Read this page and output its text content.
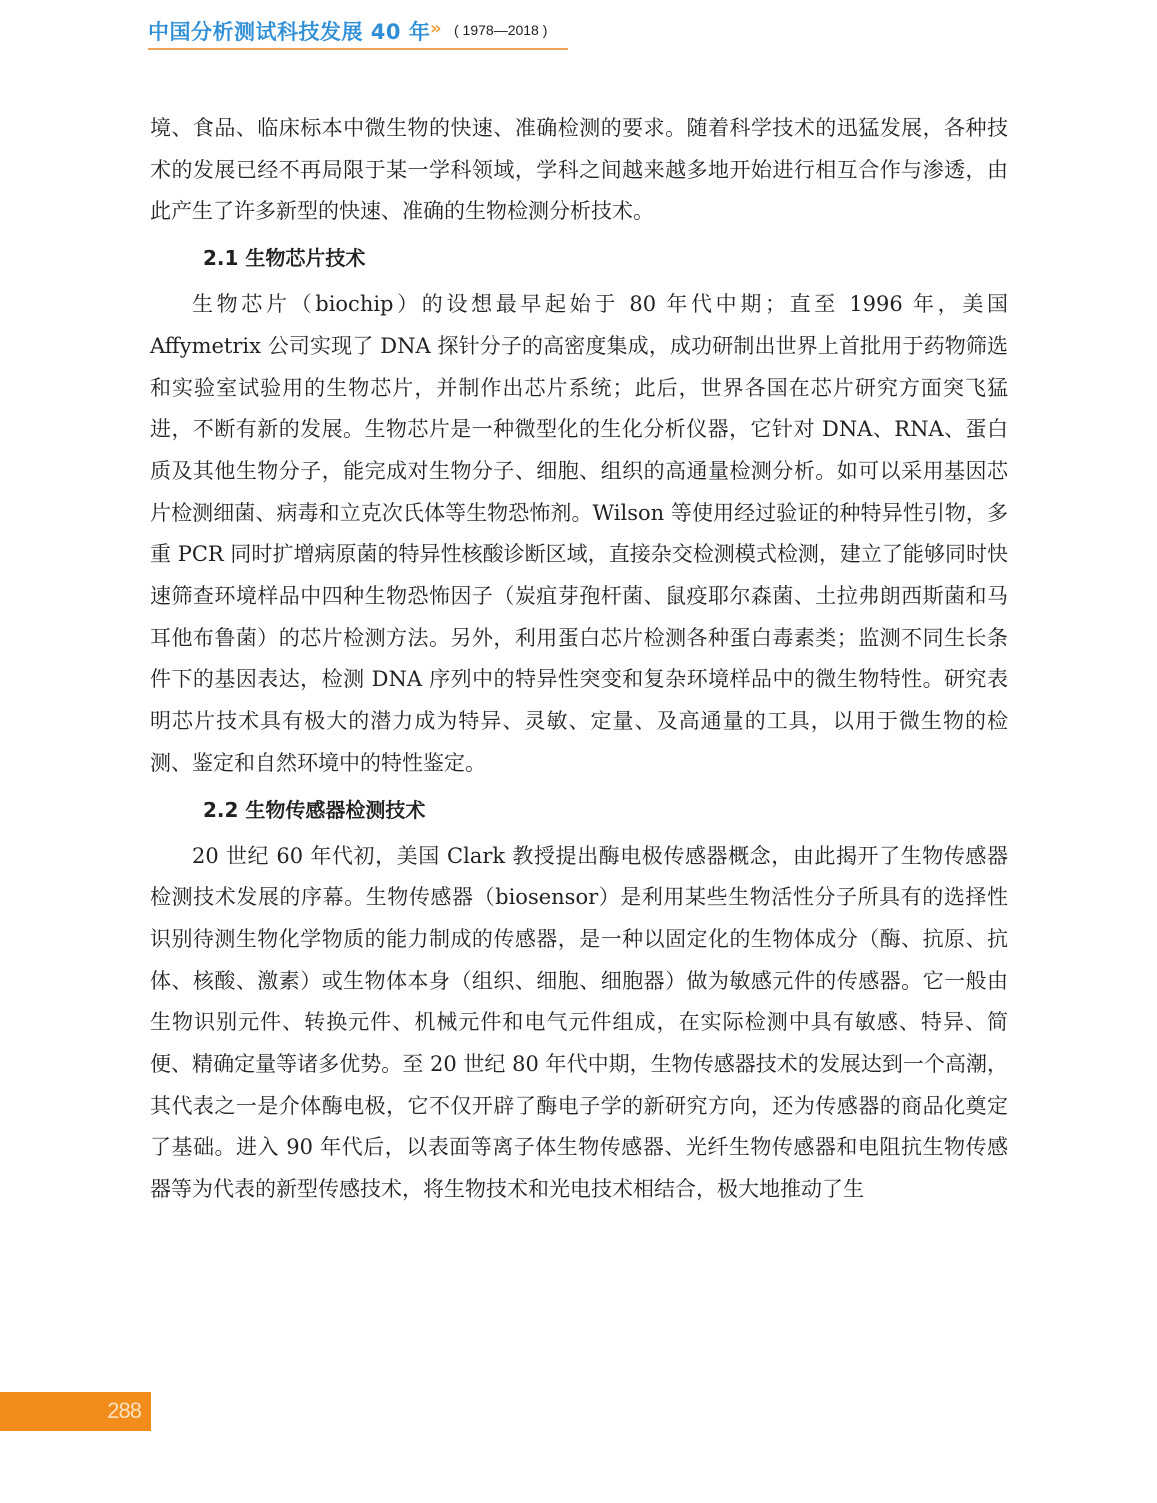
中国分析测试科技发展 40 年 » ( 1978—2018 )

境、食品、临床标本中微生物的快速、准确检测的要求。随着科学技术的迅猛发展，各种技术的发展已经不再局限于某一学科领域，学科之间越来越多地开始进行相互合作与渗透，由此产生了许多新型的快速、准确的生物检测分析技术。

2.1 生物芯片技术

生物芯片（biochip）的设想最早起始于 80 年代中期；直至 1996 年，美国 Affymetrix 公司实现了 DNA 探针分子的高密度集成，成功研制出世界上首批用于药物筛选和实验室试验用的生物芯片，并制作出芯片系统；此后，世界各国在芯片研究方面突飞猛进，不断有新的发展。生物芯片是一种微型化的生化分析仪器，它针对 DNA、RNA、蛋白质及其他生物分子，能完成对生物分子、细胞、组织的高通量检测分析。如可以采用基因芯片检测细菌、病毒和立克次氏体等生物恐怖剂。Wilson 等使用经过验证的种特异性引物，多重 PCR 同时扩增病原菌的特异性核酸诊断区域，直接杂交检测模式检测，建立了能够同时快速筛查环境样品中四种生物恐怖因子（炭疽芽孢杆菌、鼠疫耶尔森菌、土拉弗朗西斯菌和马耳他布鲁菌）的芯片检测方法。另外，利用蛋白芯片检测各种蛋白毒素类；监测不同生长条件下的基因表达，检测 DNA 序列中的特异性突变和复杂环境样品中的微生物特性。研究表明芯片技术具有极大的潜力成为特异、灵敏、定量、及高通量的工具，以用于微生物的检测、鉴定和自然环境中的特性鉴定。

2.2 生物传感器检测技术

20 世纪 60 年代初，美国 Clark 教授提出酶电极传感器概念，由此揭开了生物传感器检测技术发展的序幕。生物传感器（biosensor）是利用某些生物活性分子所具有的选择性识别待测生物化学物质的能力制成的传感器，是一种以固定化的生物体成分（酶、抗原、抗体、核酸、激素）或生物体本身（组织、细胞、细胞器）做为敏感元件的传感器。它一般由生物识别元件、转换元件、机械元件和电气元件组成，在实际检测中具有敏感、特异、简便、精确定量等诸多优势。至 20 世纪 80 年代中期，生物传感器技术的发展达到一个高潮，其代表之一是介体酶电极，它不仅开辟了酶电子学的新研究方向，还为传感器的商品化奠定了基础。进入 90 年代后，以表面等离子体生物传感器、光纤生物传感器和电阻抗生物传感器等为代表的新型传感技术，将生物技术和光电技术相结合，极大地推动了生

288
